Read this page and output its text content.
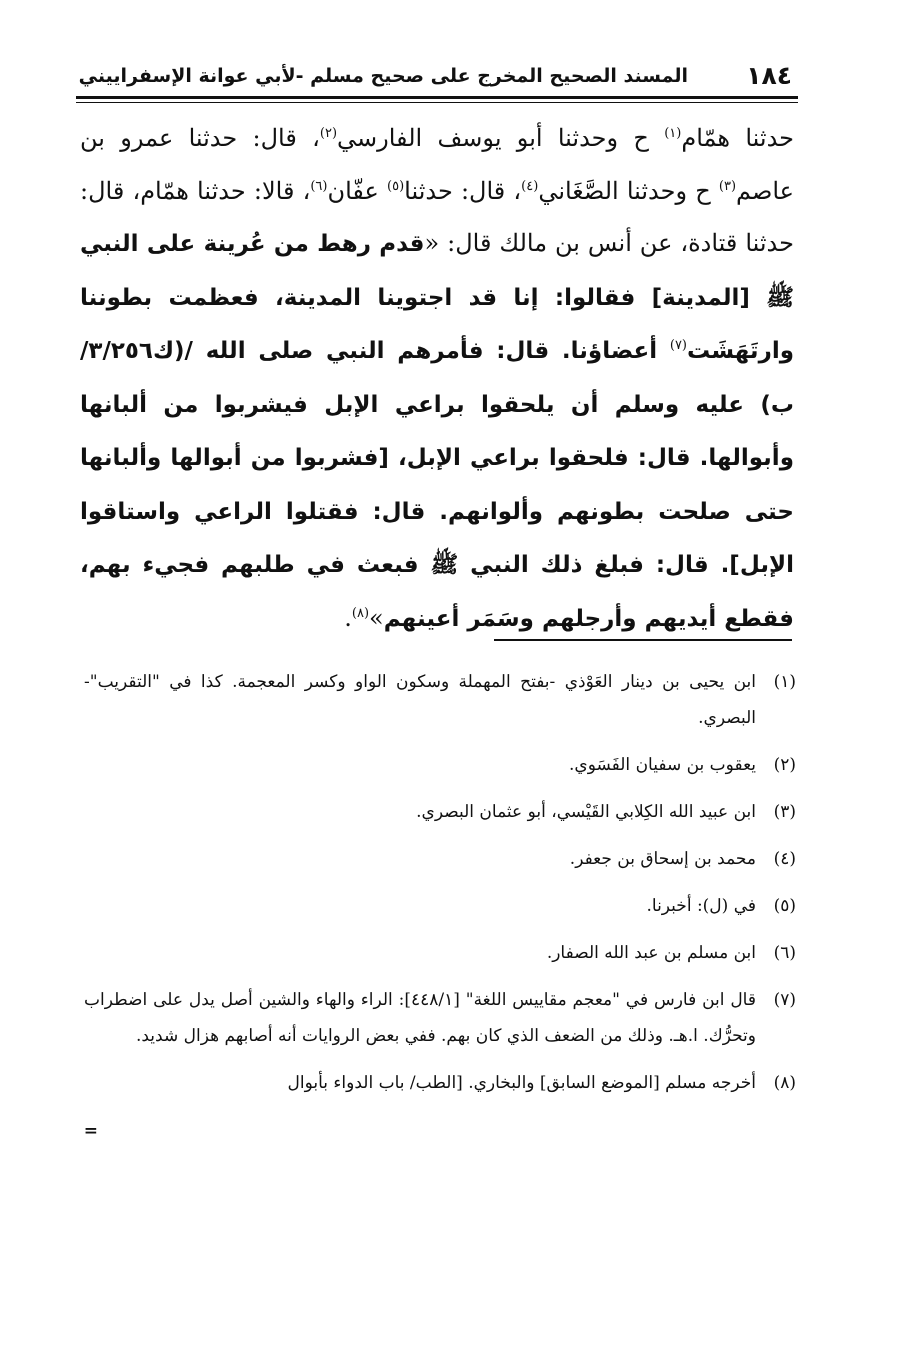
١٨٤
المسند الصحيح المخرج على صحيح مسلم -لأبي عوانة الإسفراييني

حدثنا همّام$^{(١)}$ ح وحدثنا أبو يوسف الفارسي$^{(٢)}$، قال: حدثنا عمرو بن عاصم$^{(٣)}$ ح وحدثنا الصَّغَاني$^{(٤)}$، قال: حدثنا$^{(٥)}$ عفّان$^{(٦)}$، قالا: حدثنا همّام، قال: حدثنا قتادة، عن أنس بن مالك قال: «قدم رهط من عُرينة على النبي ﷺ [المدينة] فقالوا: إنا قد اجتوينا المدينة، فعظمت بطوننا وارتَهَشَت$^{(٧)}$ أعضاؤنا. قال: فأمرهم النبي صلى الله /(ك٣/٢٥٦/ب) عليه وسلم أن يلحقوا براعي الإبل فيشربوا من ألبانها وأبوالها. قال: فلحقوا براعي الإبل، [فشربوا من أبوالها وألبانها حتى صلحت بطونهم وألوانهم. قال: فقتلوا الراعي واستاقوا الإبل]. قال: فبلغ ذلك النبي ﷺ فبعث في طلبهم فجيء بهم، فقطع أيديهم وأرجلهم وسَمَر أعينهم»$^{(٨)}$.

(١)
ابن يحيى بن دينار العَوْذي -بفتح المهملة وسكون الواو وكسر المعجمة. كذا في "التقريب"- البصري.
(٢)
يعقوب بن سفيان الفَسَوي.
(٣)
ابن عبيد الله الكِلابي القَيْسي، أبو عثمان البصري.
(٤)
محمد بن إسحاق بن جعفر.
(٥)
في (ل): أخبرنا.
(٦)
ابن مسلم بن عبد الله الصفار.
(٧)
قال ابن فارس في "معجم مقاييس اللغة" [٤٤٨/١]: الراء والهاء والشين أصل يدل على اضطراب وتحرُّك. ا.هـ. وذلك من الضعف الذي كان بهم. ففي بعض الروايات أنه أصابهم هزال شديد.
(٨)
أخرجه مسلم [الموضع السابق] والبخاري. [الطب/ باب الدواء بأبوال
=
